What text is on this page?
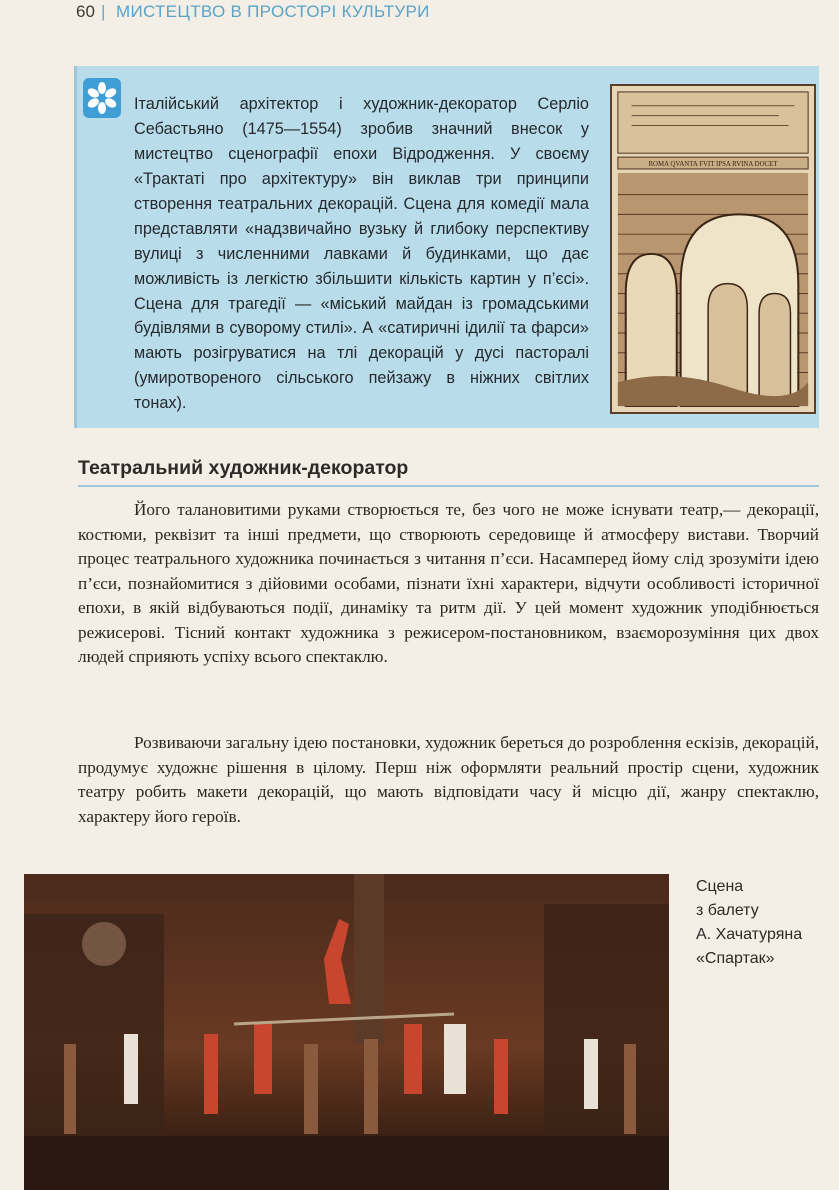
60 | МИСТЕЦТВО В ПРОСТОРІ КУЛЬТУРИ

Італійський архітектор і художник-декоратор Серліо Себастьяно (1475—1554) зробив значний внесок у мистецтво сценографії епохи Відродження. У своєму «Трактаті про архітектуру» він виклав три принципи створення театральних декорацій. Сцена для комедії мала представляти «надзвичайно вузьку й глибоку перспективу вулиці з численними лавками й будинками, що дає можливість із легкістю збільшити кількість картин у п’єсі». Сцена для трагедії — «міський майдан із громадськими будівлями в суворому стилі». А «сатиричні ідилії та фарси» мають розігруватися на тлі декорацій у дусі пасторалі (умиротвореного сільського пейзажу в ніжних світлих тонах).

ROMA QVANTA FVIT IPSA RVINA DOCET
Театральний художник-декоратор

Його талановитими руками створюється те, без чого не може існувати театр,— декорації, костюми, реквізит та інші предмети, що створюють середовище й атмосферу вистави. Творчий процес театрального художника починається з читання п’єси. Насамперед йому слід зрозуміти ідею п’єси, познайомитися з дійовими особами, пізнати їхні характери, відчути особливості історичної епохи, в якій відбуваються події, динаміку та ритм дії. У цей момент художник уподібнюється режисерові. Тісний контакт художника з режисером-постановником, взаєморозуміння цих двох людей сприяють успіху всього спектаклю.

Розвиваючи загальну ідею постановки, художник береться до розроблення ескізів, декорацій, продумує художнє рішення в цілому. Перш ніж оформляти реальний простір сцени, художник театру робить макети декорацій, що мають відповідати часу й місцю дії, жанру спектаклю, характеру його героїв.

Сцена
з балету
А. Хачатуряна
«Спартак»
